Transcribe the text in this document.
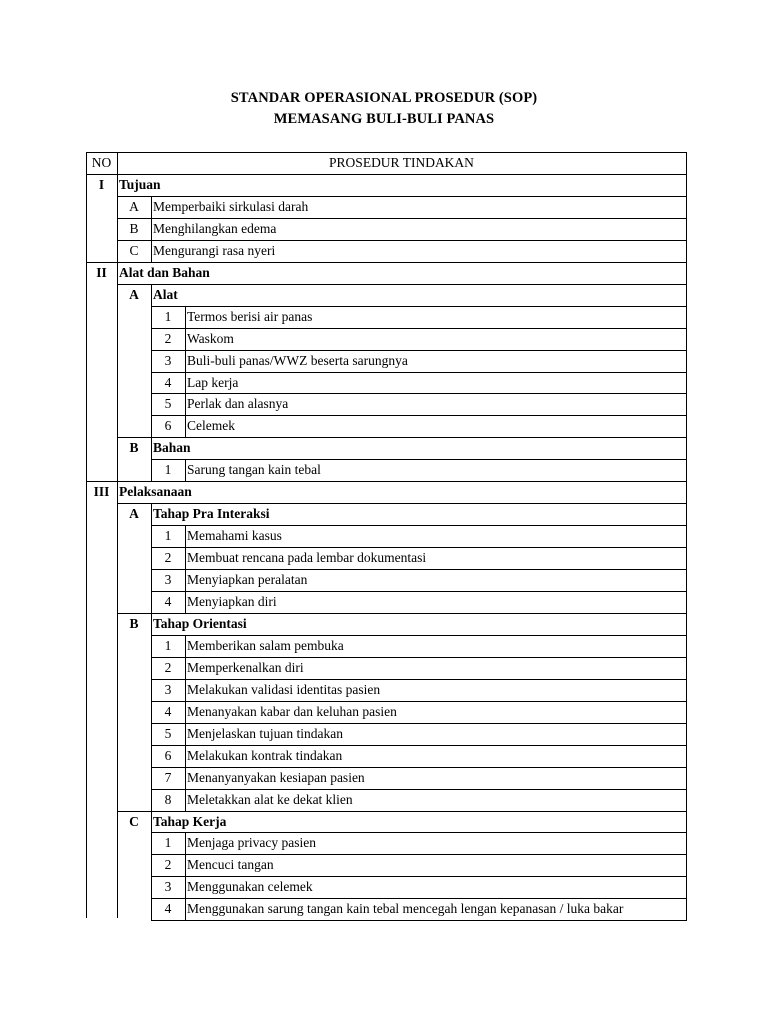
STANDAR OPERASIONAL PROSEDUR (SOP)
MEMASANG BULI-BULI PANAS
NO	PROSEDUR TINDAKAN
I	Tujuan
A	Memperbaiki sirkulasi darah
B	Menghilangkan edema
C	Mengurangi rasa nyeri
II Alat dan Bahan
A	Alat
1	Termos berisi air panas
2	Waskom
3	Buli-buli panas/WWZ beserta sarungnya
4	Lap kerja
5	Perlak dan alasnya
6	Celemek
B	Bahan
1	Sarung tangan kain tebal
III Pelaksanaan
A	Tahap Pra Interaksi
1	Memahami kasus
2	Membuat rencana pada lembar dokumentasi
3	Menyiapkan peralatan
4	Menyiapkan diri
B	Tahap Orientasi
1	Memberikan salam pembuka
2	Memperkenalkan diri
3	Melakukan validasi identitas pasien
4	Menanyakan kabar dan keluhan pasien
5	Menjelaskan tujuan tindakan
6	Melakukan kontrak tindakan
7	Menanyanyakan kesiapan pasien
8	Meletakkan alat ke dekat klien
C	Tahap Kerja
1	Menjaga privacy pasien
2	Mencuci tangan
3	Menggunakan celemek
4	Menggunakan sarung tangan kain tebal mencegah lengan kepanasan / luka bakar
